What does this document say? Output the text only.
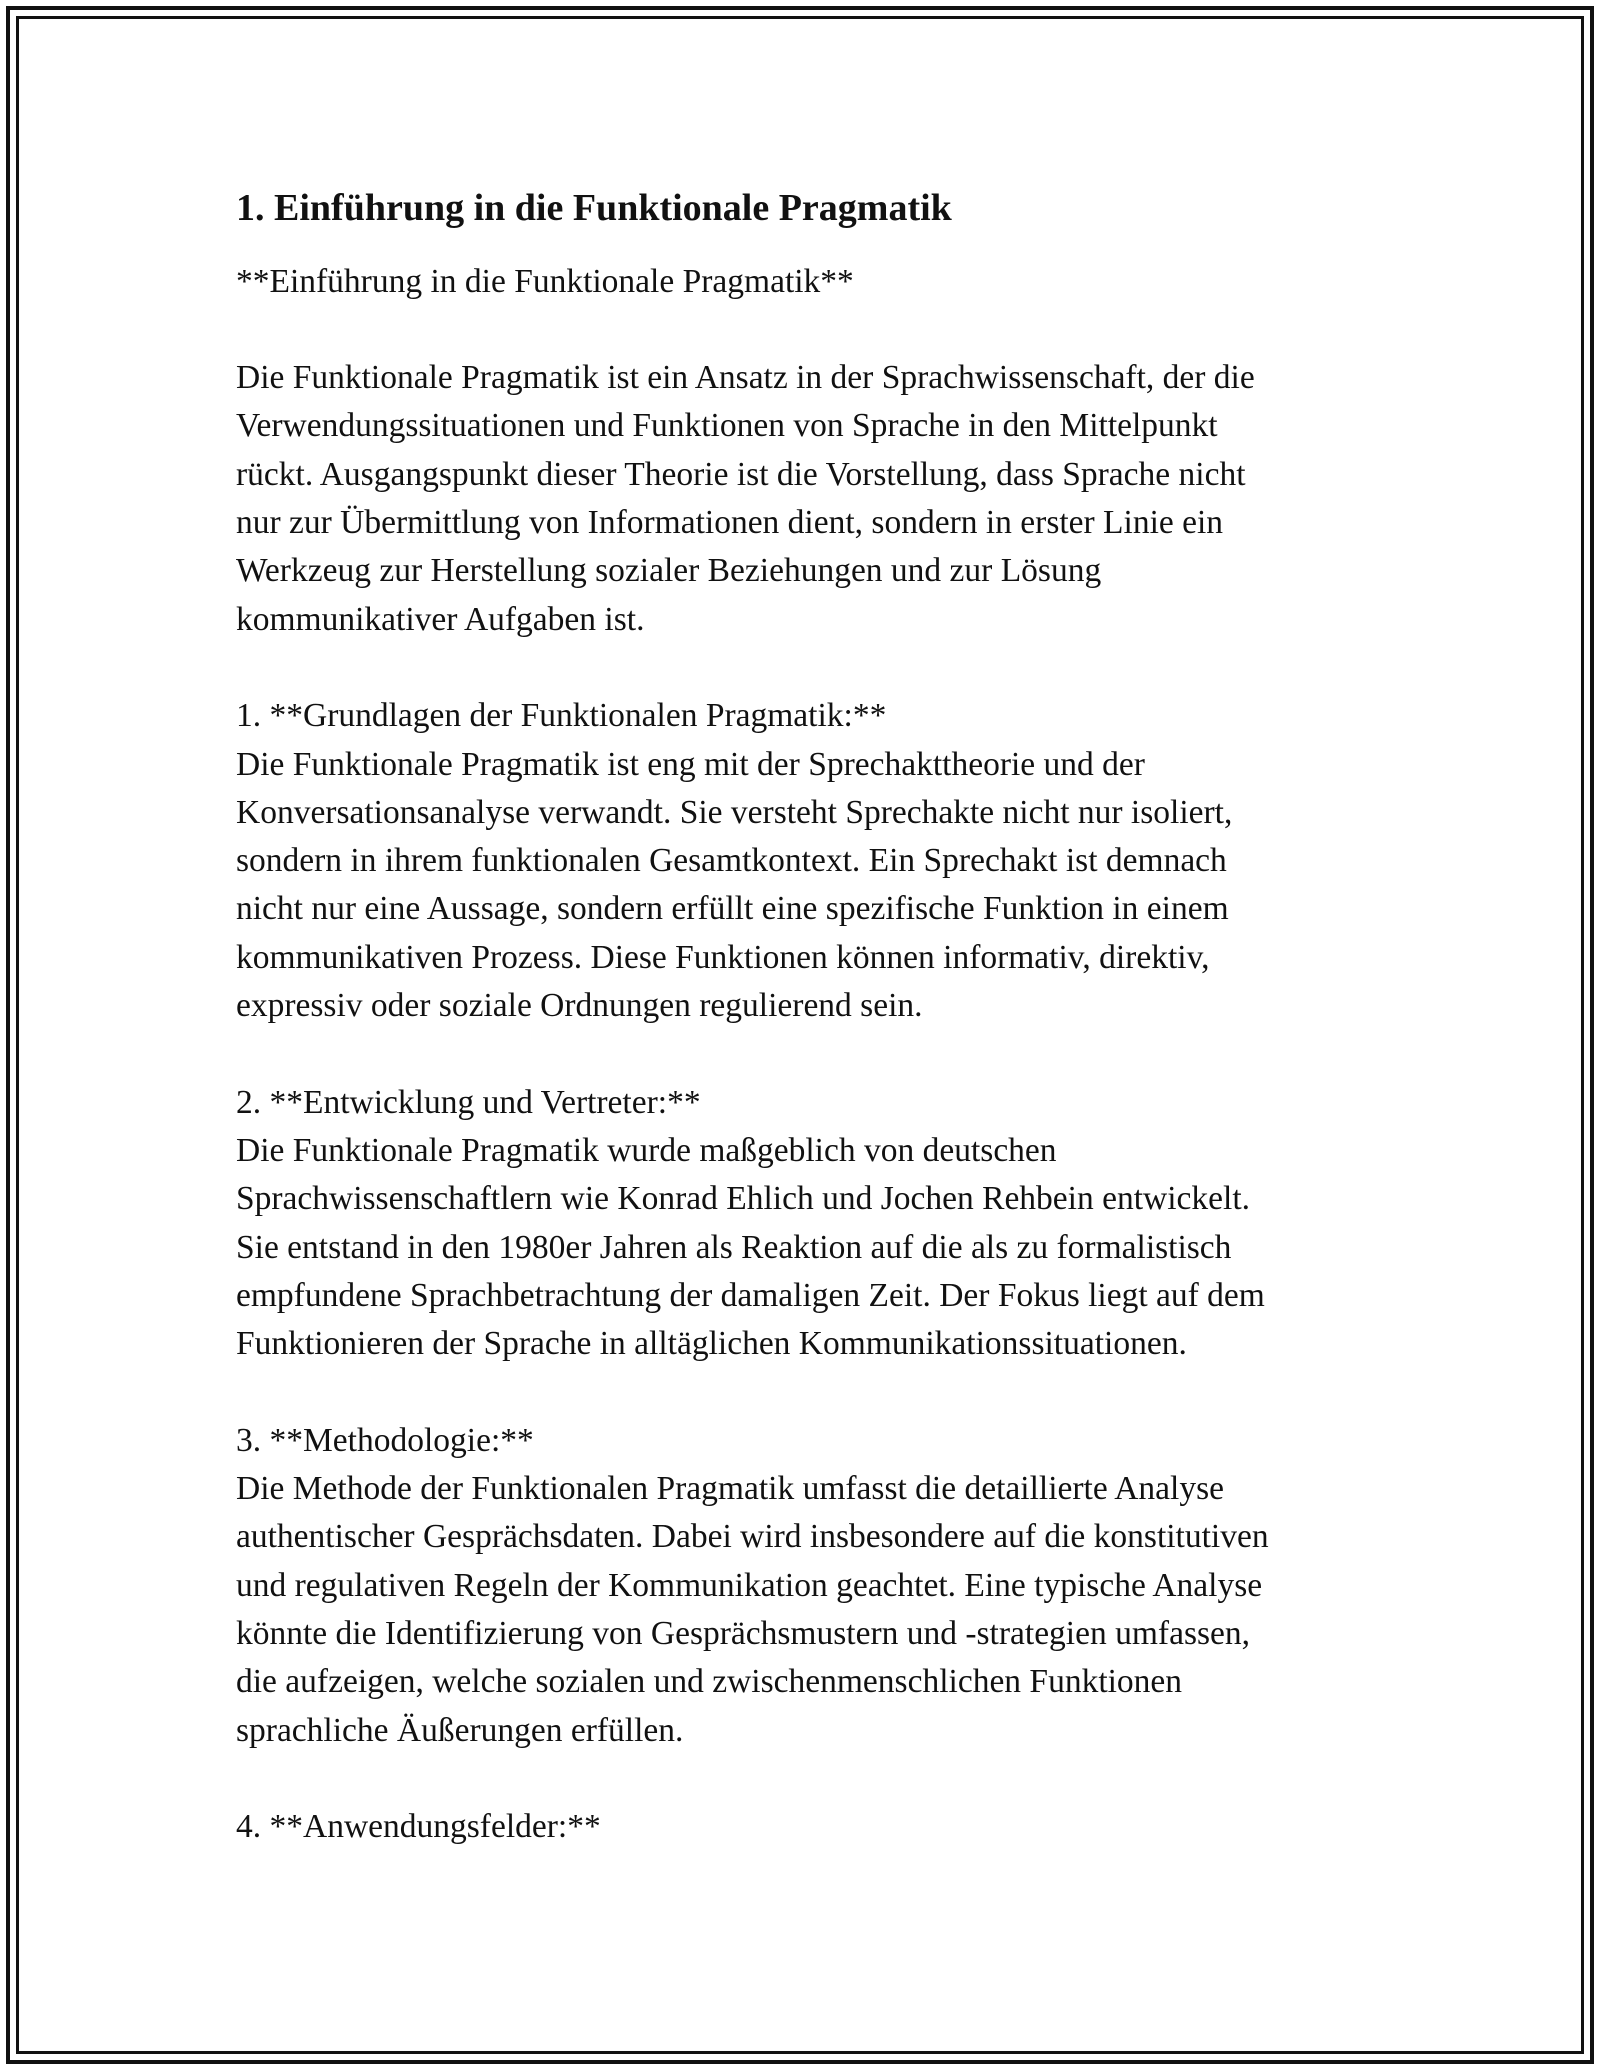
1. Einführung in die Funktionale Pragmatik

**Einführung in die Funktionale Pragmatik**

Die Funktionale Pragmatik ist ein Ansatz in der Sprachwissenschaft, der die
Verwendungssituationen und Funktionen von Sprache in den Mittelpunkt
rückt. Ausgangspunkt dieser Theorie ist die Vorstellung, dass Sprache nicht
nur zur Übermittlung von Informationen dient, sondern in erster Linie ein
Werkzeug zur Herstellung sozialer Beziehungen und zur Lösung
kommunikativer Aufgaben ist.

1. **Grundlagen der Funktionalen Pragmatik:**
Die Funktionale Pragmatik ist eng mit der Sprechakttheorie und der
Konversationsanalyse verwandt. Sie versteht Sprechakte nicht nur isoliert,
sondern in ihrem funktionalen Gesamtkontext. Ein Sprechakt ist demnach
nicht nur eine Aussage, sondern erfüllt eine spezifische Funktion in einem
kommunikativen Prozess. Diese Funktionen können informativ, direktiv,
expressiv oder soziale Ordnungen regulierend sein.

2. **Entwicklung und Vertreter:**
Die Funktionale Pragmatik wurde maßgeblich von deutschen
Sprachwissenschaftlern wie Konrad Ehlich und Jochen Rehbein entwickelt.
Sie entstand in den 1980er Jahren als Reaktion auf die als zu formalistisch
empfundene Sprachbetrachtung der damaligen Zeit. Der Fokus liegt auf dem
Funktionieren der Sprache in alltäglichen Kommunikationssituationen.

3. **Methodologie:**
Die Methode der Funktionalen Pragmatik umfasst die detaillierte Analyse
authentischer Gesprächsdaten. Dabei wird insbesondere auf die konstitutiven
und regulativen Regeln der Kommunikation geachtet. Eine typische Analyse
könnte die Identifizierung von Gesprächsmustern und -strategien umfassen,
die aufzeigen, welche sozialen und zwischenmenschlichen Funktionen
sprachliche Äußerungen erfüllen.

4. **Anwendungsfelder:**
